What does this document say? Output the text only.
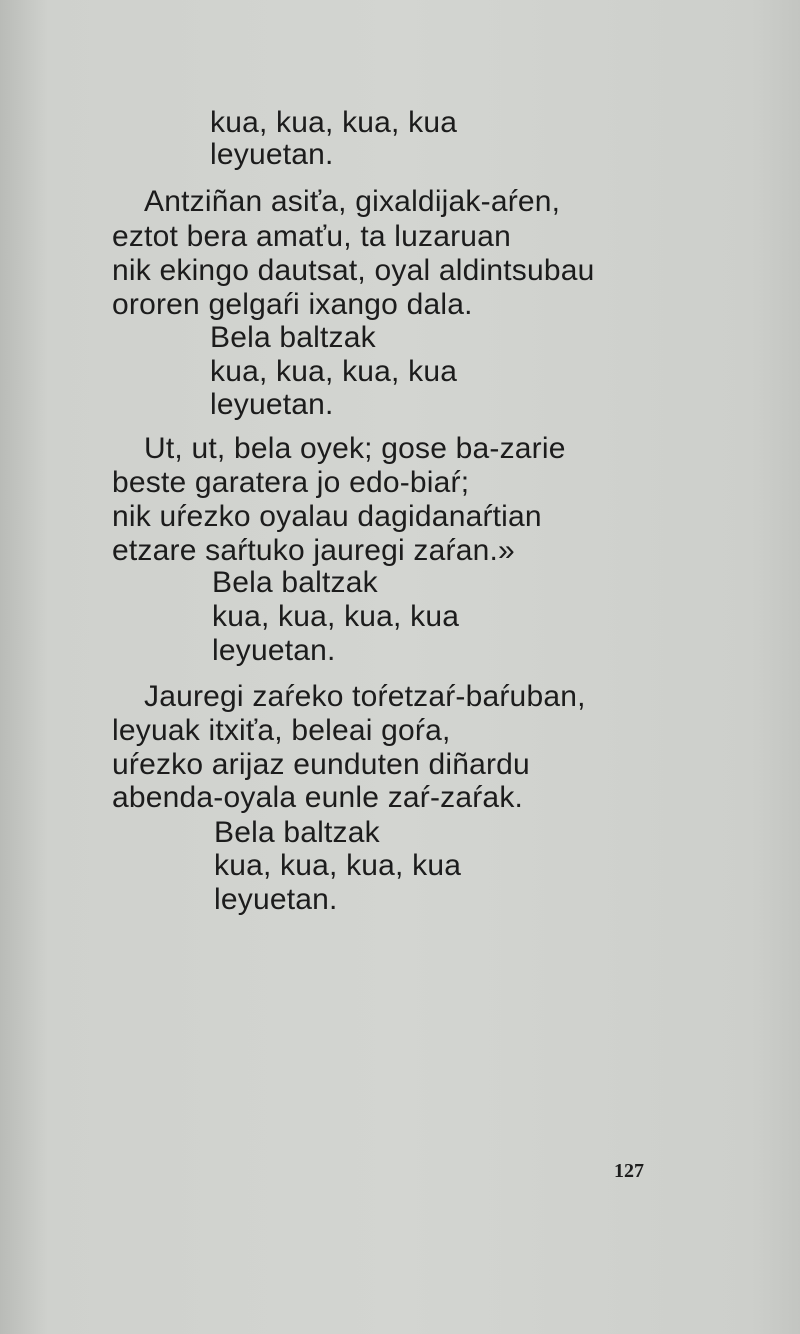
kua, kua, kua, kua
leyuetan.
Antziñan asiťa, gixaldijak-aŕen,
eztot bera amaťu, ta luzaruan
nik ekingo dautsat, oyal aldintsubau
ororen gelgaŕi ixango dala.
Bela baltzak
kua, kua, kua, kua
leyuetan.
Ut, ut, bela oyek; gose ba-zarie
beste garatera jo edo-biaŕ;
nik uŕezko oyalau dagidanaŕtian
etzare saŕtuko jauregi zaŕan.»
Bela baltzak
kua, kua, kua, kua
leyuetan.
Jauregi zaŕeko toŕetzaŕ-baŕuban,
leyuak itxiťa, beleai goŕa,
uŕezko arijaz eunduten diñardu
abenda-oyala eunle zaŕ-zaŕak.
Bela baltzak
kua, kua, kua, kua
leyuetan.
127
